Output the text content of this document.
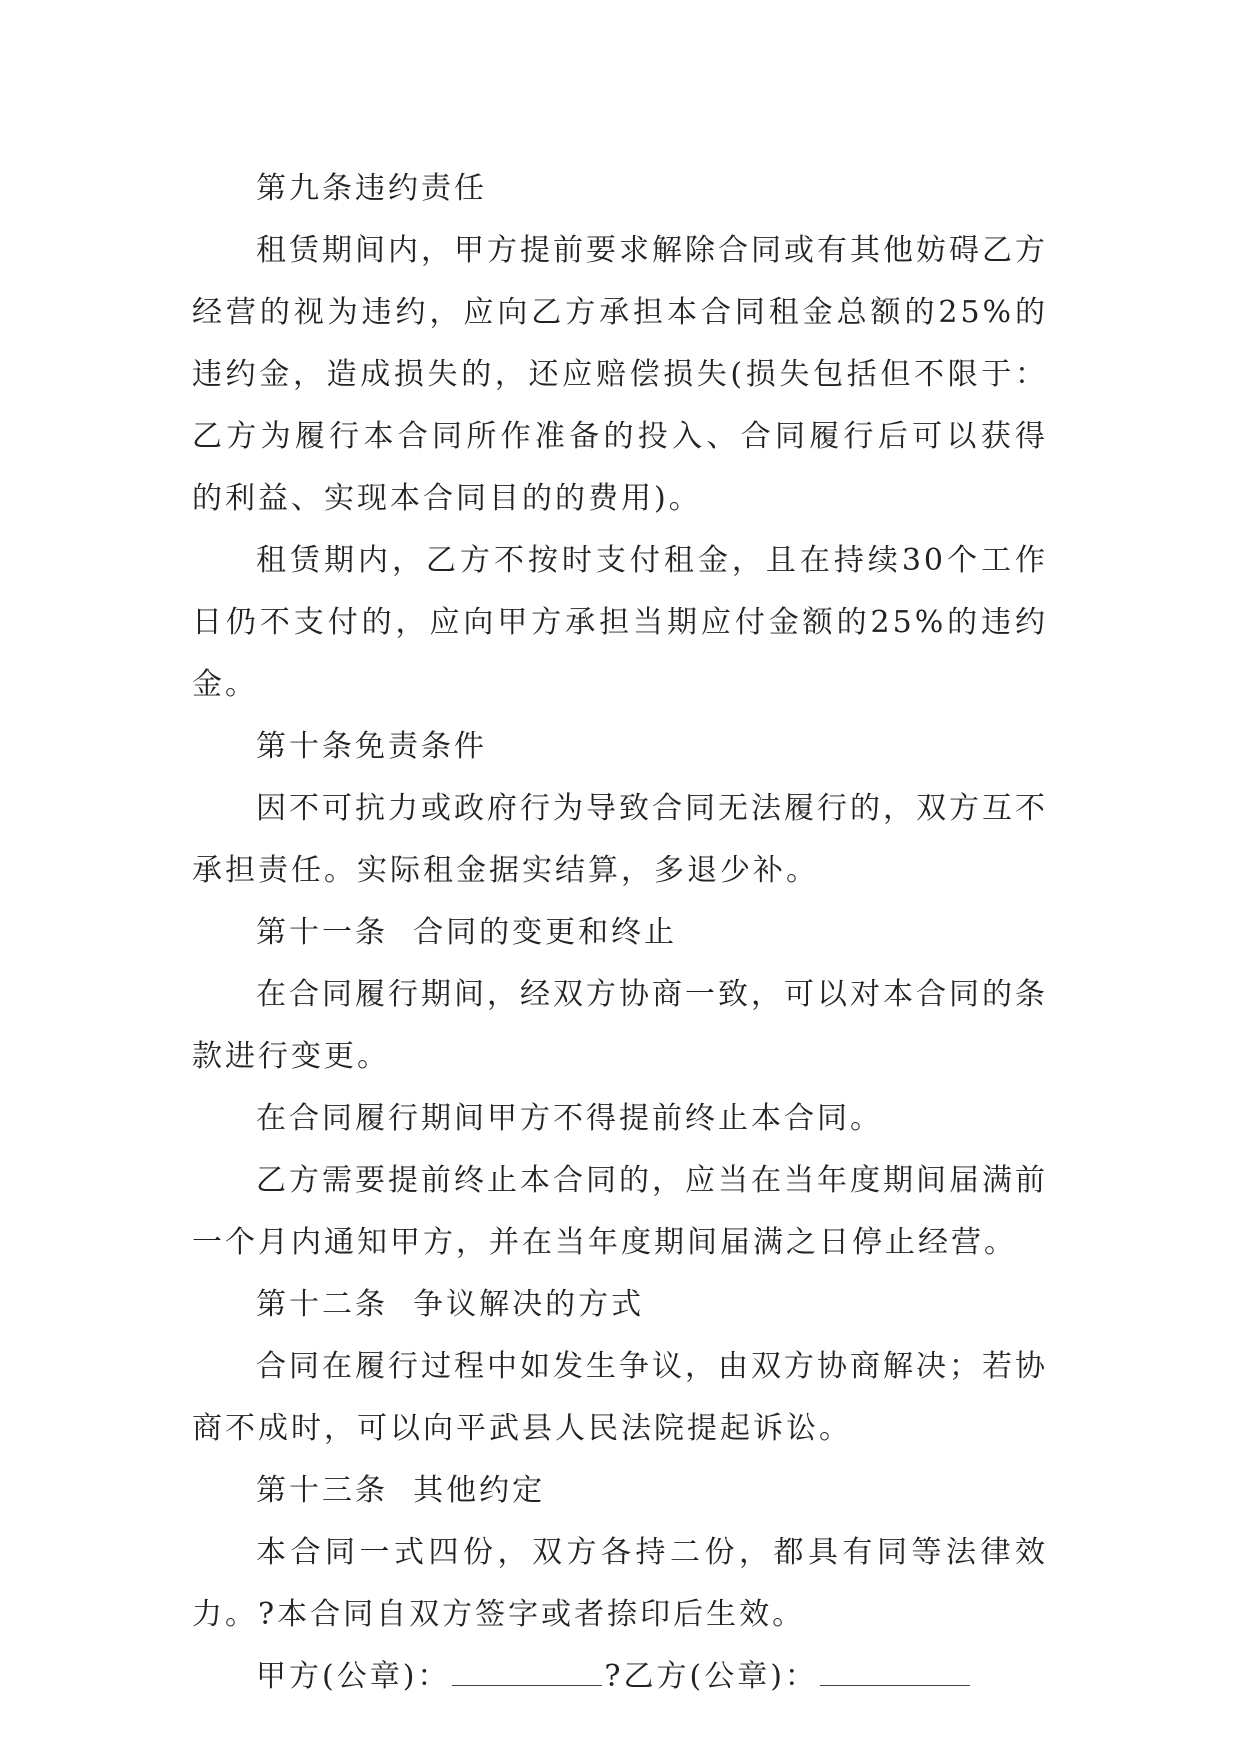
第九条违约责任

租赁期间内，甲方提前要求解除合同或有其他妨碍乙方经营的视为违约，应向乙方承担本合同租金总额的25%的违约金，造成损失的，还应赔偿损失(损失包括但不限于：乙方为履行本合同所作准备的投入、合同履行后可以获得的利益、实现本合同目的的费用)。

租赁期内，乙方不按时支付租金，且在持续30个工作日仍不支付的，应向甲方承担当期应付金额的25%的违约金。

第十条免责条件

因不可抗力或政府行为导致合同无法履行的，双方互不承担责任。实际租金据实结算，多退少补。

第十一条  合同的变更和终止

在合同履行期间，经双方协商一致，可以对本合同的条款进行变更。

在合同履行期间甲方不得提前终止本合同。

乙方需要提前终止本合同的，应当在当年度期间届满前一个月内通知甲方，并在当年度期间届满之日停止经营。

第十二条  争议解决的方式

合同在履行过程中如发生争议，由双方协商解决；若协商不成时，可以向平武县人民法院提起诉讼。

第十三条  其他约定

本合同一式四份，双方各持二份，都具有同等法律效力。?本合同自双方签字或者捺印后生效。

甲方(公章)：	?乙方(公章)：
